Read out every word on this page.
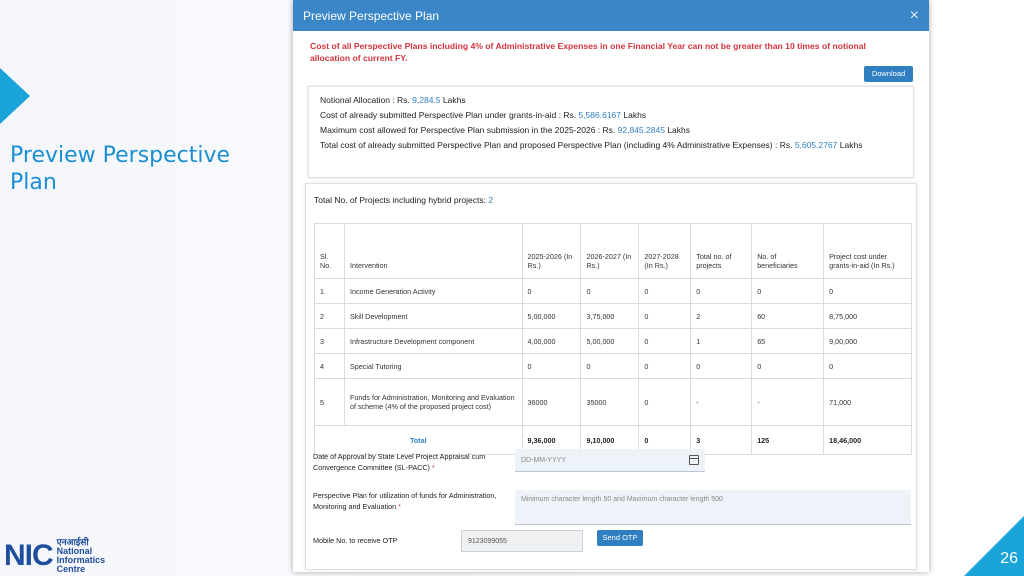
Preview Perspective Plan
NIC एनआईसी
National
Informatics
Centre
26
Preview Perspective Plan	×
Cost of all Perspective Plans including 4% of Administrative Expenses in one Financial Year can not be greater than 10 times of notional allocation of current FY.
Download
Notional Allocation : Rs. 9,284.5 Lakhs
Cost of already submitted Perspective Plan under grants-in-aid : Rs. 5,586.6167 Lakhs
Maximum cost allowed for Perspective Plan submission in the 2025-2026 : Rs. 92,845.2845 Lakhs
Total cost of already submitted Perspective Plan and proposed Perspective Plan (including 4% Administrative Expenses) : Rs. 5,605.2767 Lakhs
Total No. of Projects including hybrid projects: 2
Sl. No.	Intervention	2025-2026 (In Rs.)	2026-2027 (In Rs.)	2027-2028 (In Rs.)	Total no. of projects	No. of beneficiaries	Project cost under grants-in-aid (In Rs.)
1	Income Generation Activity	0	0	0	0	0	0
2	Skill Development	5,00,000	3,75,000	0	2	60	8,75,000
3	Infrastructure Development component	4,00,000	5,00,000	0	1	65	9,00,000
4	Special Tutoring	0	0	0	0	0	0
5	Funds for Administration, Monitoring and Evaluation of scheme (4% of the proposed project cost)	36000	35000	0	-	-	71,000
Total		9,36,000	9,10,000	0	3	125	18,46,000
Date of Approval by State Level Project Appraisal cum Convergence Committee (SL-PACC) *
DD-MM-YYYY
Perspective Plan for utilization of funds for Administration, Monitoring and Evaluation *
Minimum character length 50 and Maximum character length 500
Mobile No. to receive OTP	9123099055	Send OTP
